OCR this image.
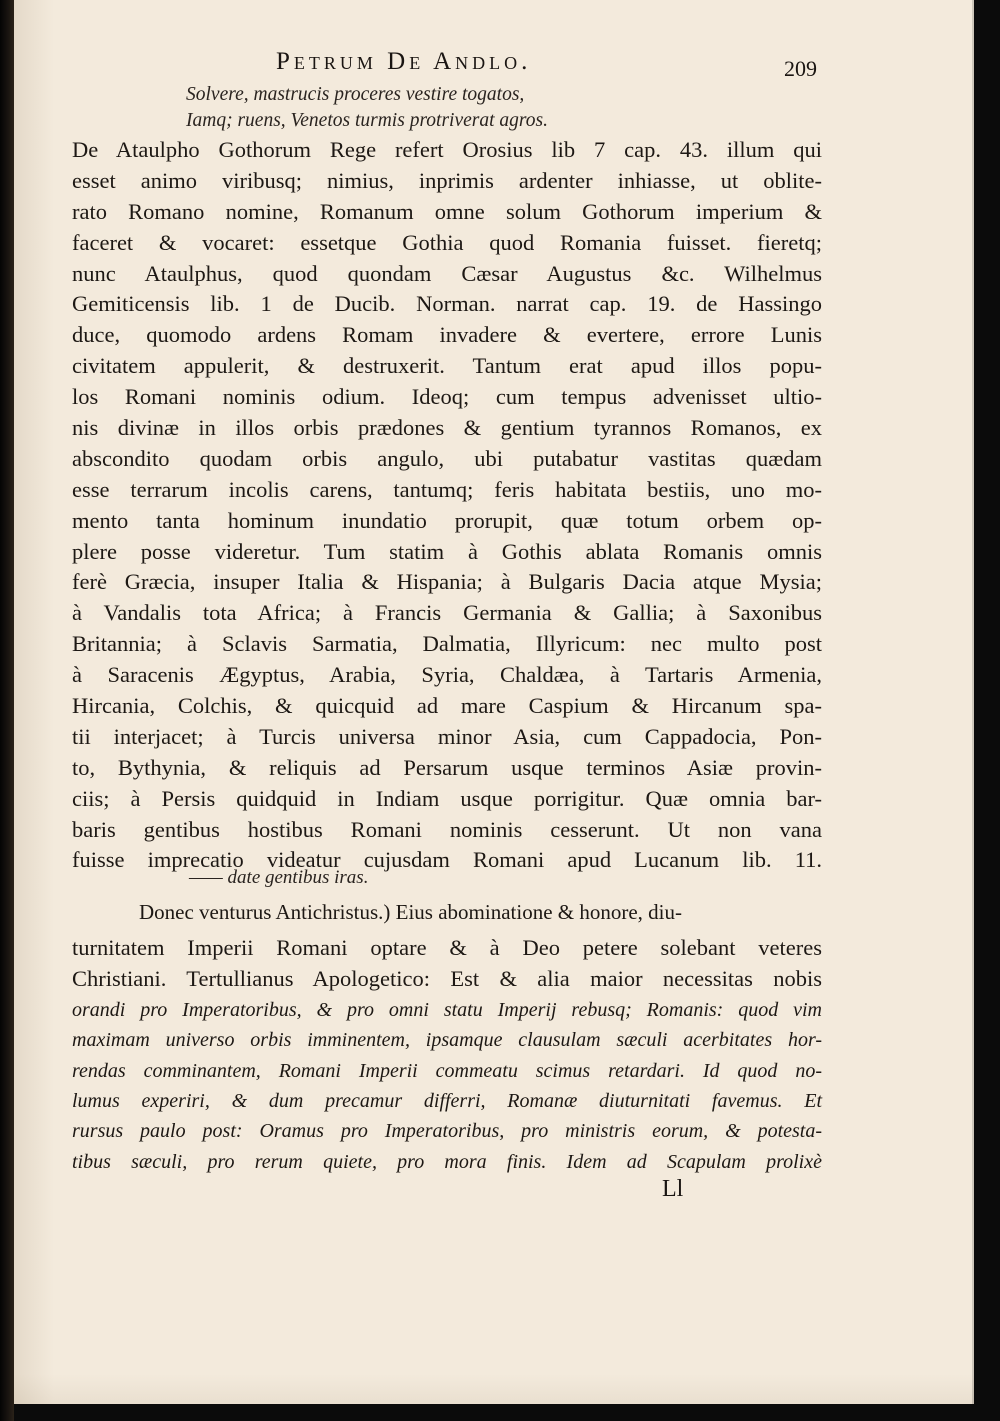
Petrum De Andlo.	209
Solvere, mastrucis proceres vestire togatos,
Iamq; ruens, Venetos turmis protriverat agros.
De Ataulpho Gothorum Rege refert Orosius lib 7 cap. 43. illum qui
esset animo viribusq; nimius, inprimis ardenter inhiasse, ut oblite-
rato Romano nomine, Romanum omne solum Gothorum imperium &
faceret & vocaret: essetque Gothia quod Romania fuisset. fieretq;
nunc Ataulphus, quod quondam Cæsar Augustus &c. Wilhelmus
Gemiticensis lib. 1 de Ducib. Norman. narrat cap. 19. de Hassingo
duce, quomodo ardens Romam invadere & evertere, errore Lunis
civitatem appulerit, & destruxerit. Tantum erat apud illos popu-
los Romani nominis odium. Ideoq; cum tempus advenisset ultio-
nis divinæ in illos orbis prædones & gentium tyrannos Romanos, ex
abscondito quodam orbis angulo, ubi putabatur vastitas quædam
esse terrarum incolis carens, tantumq; feris habitata bestiis, uno mo-
mento tanta hominum inundatio prorupit, quæ totum orbem op-
plere posse videretur. Tum statim à Gothis ablata Romanis omnis
ferè Græcia, insuper Italia & Hispania; à Bulgaris Dacia atque Mysia;
à Vandalis tota Africa; à Francis Germania & Gallia; à Saxonibus
Britannia; à Sclavis Sarmatia, Dalmatia, Illyricum: nec multo post
à Saracenis Ægyptus, Arabia, Syria, Chaldæa, à Tartaris Armenia,
Hircania, Colchis, & quicquid ad mare Caspium & Hircanum spa-
tii interjacet; à Turcis universa minor Asia, cum Cappadocia, Pon-
to, Bythynia, & reliquis ad Persarum usque terminos Asiæ provin-
ciis; à Persis quidquid in Indiam usque porrigitur. Quæ omnia bar-
baris gentibus hostibus Romani nominis cesserunt. Ut non vana
fuisse imprecatio videatur cujusdam Romani apud Lucanum lib. 11.
—— date gentibus iras.
Donec venturus Antichristus.) Eius abominatione & honore, diu-
turnitatem Imperii Romani optare & à Deo petere solebant veteres
Christiani. Tertullianus Apologetico: Est & alia maior necessitas nobis
orandi pro Imperatoribus, & pro omni statu Imperij rebusq; Romanis: quod vim
maximam universo orbis imminentem, ipsamque clausulam sæculi acerbitates hor-
rendas comminantem, Romani Imperii commeatu scimus retardari. Id quod no-
lumus experiri, & dum precamur differri, Romanæ diuturnitati favemus. Et
rursus paulo post: Oramus pro Imperatoribus, pro ministris eorum, & potesta-
tibus sæculi, pro rerum quiete, pro mora finis. Idem ad Scapulam prolixè
Ll
